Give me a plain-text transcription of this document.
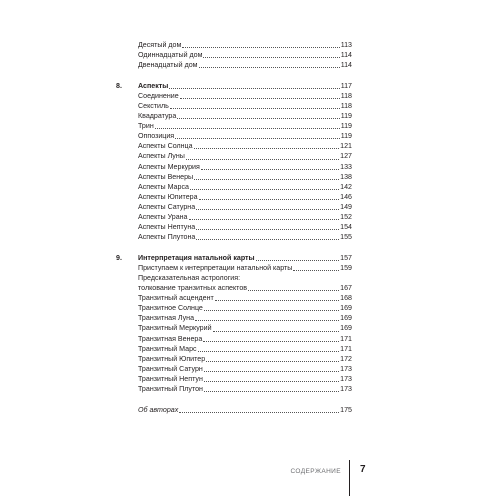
Десятый дом	113
Одиннадцатый дом	114
Двенадцатый дом	114
8.	Аспекты	117
Соединение	118
Секстиль	118
Квадратура	119
Трин	119
Оппозиция	119
Аспекты Солнца	121
Аспекты Луны	127
Аспекты Меркурия	133
Аспекты Венеры	138
Аспекты Марса	142
Аспекты Юпитера	146
Аспекты Сатурна	149
Аспекты Урана	152
Аспекты Нептуна	154
Аспекты Плутона	155
9.	Интерпретация натальной карты	157
Приступаем к интерпретации натальной карты	159
Предсказательная астрология:
толкование транзитных аспектов	167
Транзитный асцендент	168
Транзитное Солнце	169
Транзитная Луна	169
Транзитный Меркурий	169
Транзитная Венера	171
Транзитный Марс	171
Транзитный Юпитер	172
Транзитный Сатурн	173
Транзитный Нептун	173
Транзитный Плутон	173
Об авторах	175
СОДЕРЖАНИЕ 7
